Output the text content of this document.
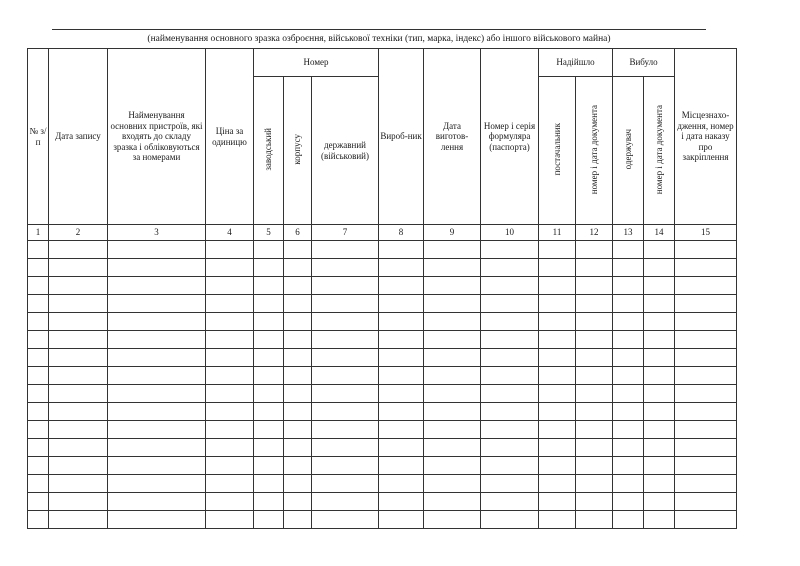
(найменування основного зразка озброєння, військової техніки (тип, марка, індекс) або іншого військового майна)
№ з/п	Дата запису	Найменування основних пристроїв, які входять до складу зразка і обліковуються за номерами	Ціна за одиницю	Номер			Вироб-ник	Дата виготов-лення	Номер і серія формуляра (паспорта)	Надійшло		Вибуло		Місцезнахо-дження, номер і дата наказу про закріплення

				заводський	корпусу	державний (військовий)				постачальник	номер і дата документа	одержувач	номер і дата документа	
1	2	3	4	5	6	7	8	9	10	11	12	13	14	15
